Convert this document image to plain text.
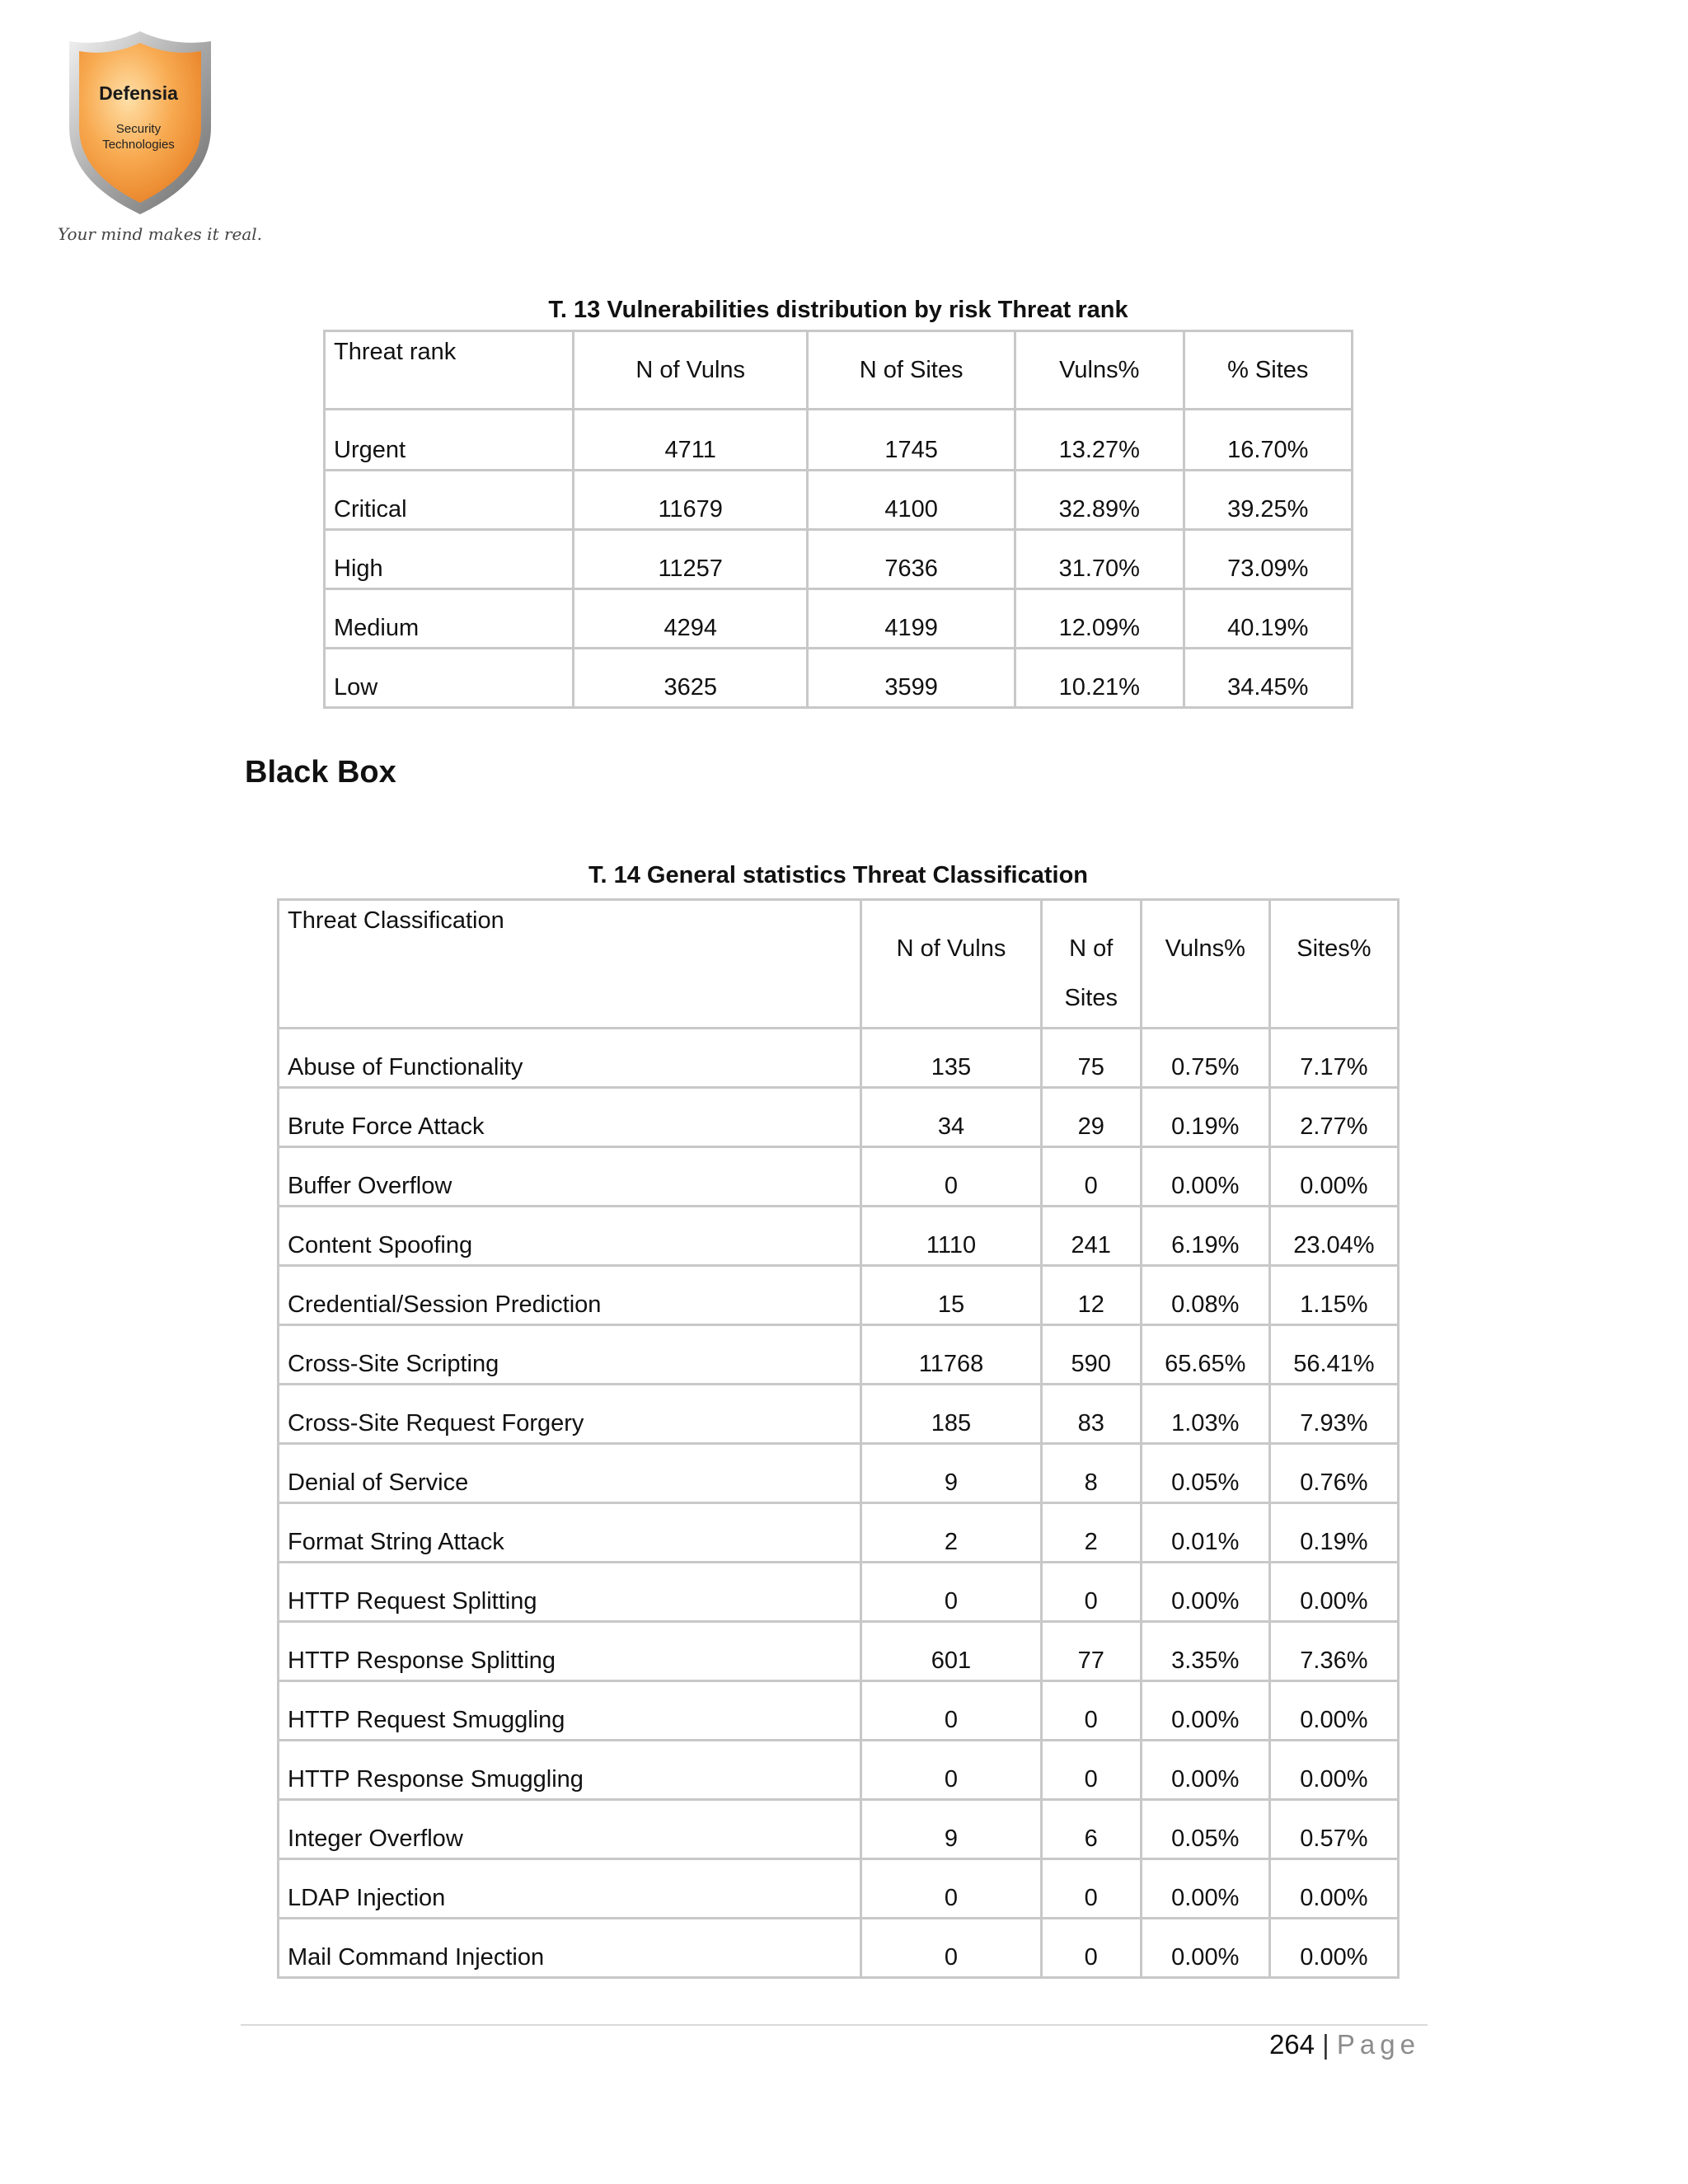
Defensia
Security
Technologies
Your mind makes it real.
T. 13 Vulnerabilities distribution by risk Threat rank
Threat rank	N of Vulns	N of Sites	Vulns%	% Sites
Urgent	4711	1745	13.27%	16.70%
Critical	11679	4100	32.89%	39.25%
High	11257	7636	31.70%	73.09%
Medium	4294	4199	12.09%	40.19%
Low	3625	3599	10.21%	34.45%
Black Box
T. 14 General statistics Threat Classification
Threat Classification	N of Vulns	N of Sites	Vulns%	Sites%
Abuse of Functionality	135	75	0.75%	7.17%
Brute Force Attack	34	29	0.19%	2.77%
Buffer Overflow	0	0	0.00%	0.00%
Content Spoofing	1110	241	6.19%	23.04%
Credential/Session Prediction	15	12	0.08%	1.15%
Cross-Site Scripting	11768	590	65.65%	56.41%
Cross-Site Request Forgery	185	83	1.03%	7.93%
Denial of Service	9	8	0.05%	0.76%
Format String Attack	2	2	0.01%	0.19%
HTTP Request Splitting	0	0	0.00%	0.00%
HTTP Response Splitting	601	77	3.35%	7.36%
HTTP Request Smuggling	0	0	0.00%	0.00%
HTTP Response Smuggling	0	0	0.00%	0.00%
Integer Overflow	9	6	0.05%	0.57%
LDAP Injection	0	0	0.00%	0.00%
Mail Command Injection	0	0	0.00%	0.00%
264 | Page
